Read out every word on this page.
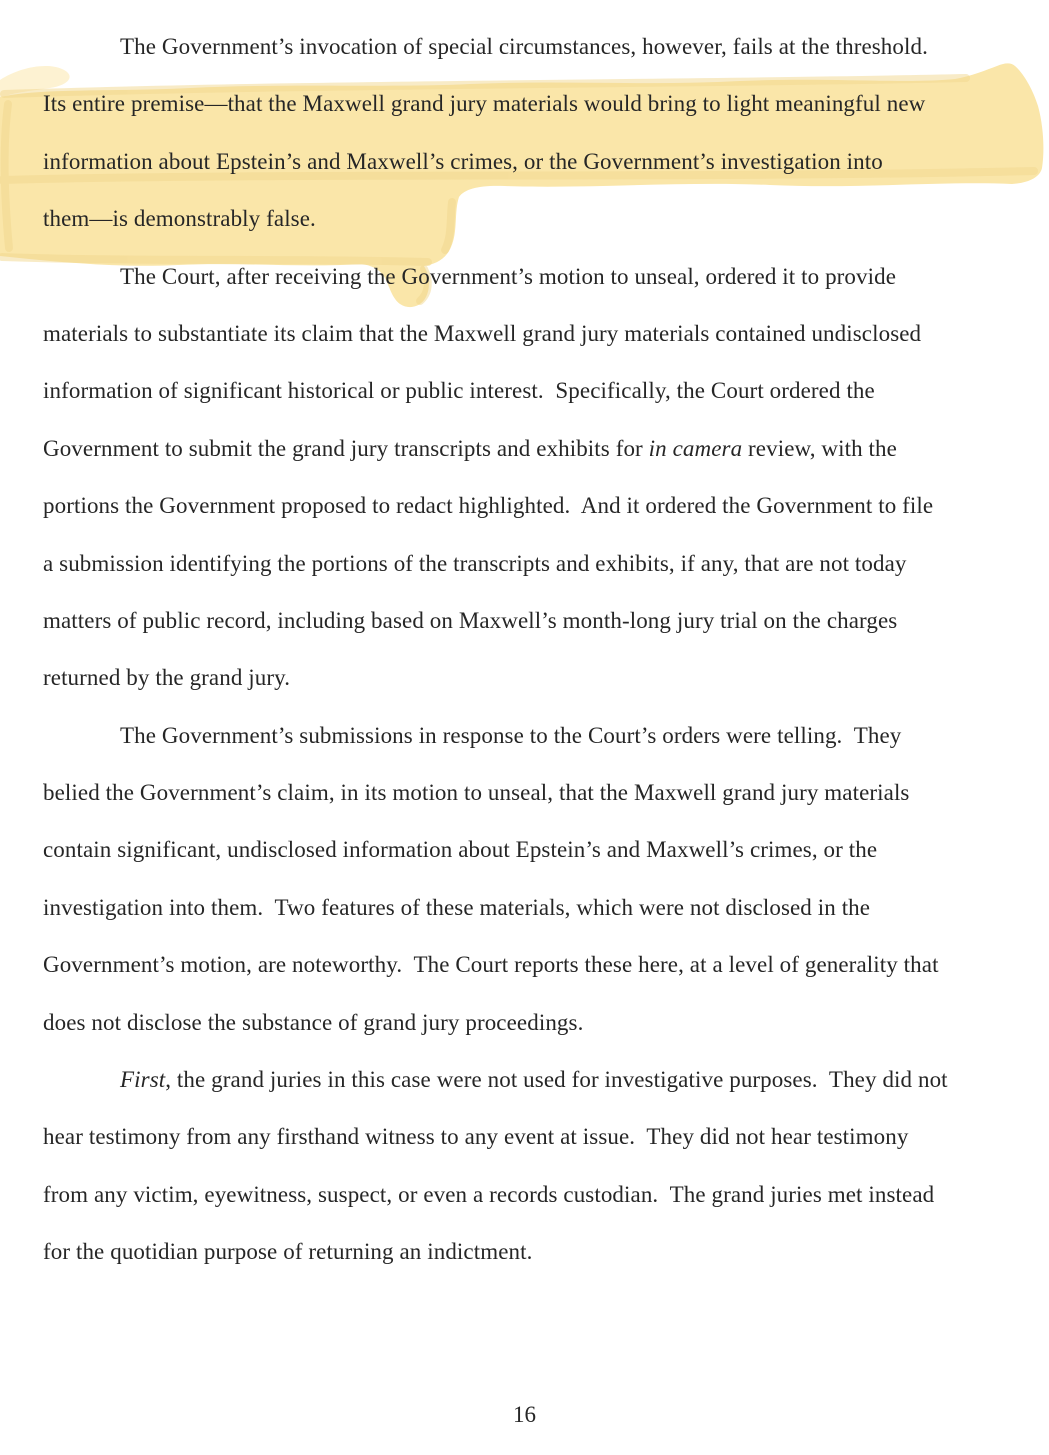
The Government’s invocation of special circumstances, however, fails at the threshold.
Its entire premise—that the Maxwell grand jury materials would bring to light meaningful new
information about Epstein’s and Maxwell’s crimes, or the Government’s investigation into
them—is demonstrably false.
The Court, after receiving the Government’s motion to unseal, ordered it to provide
materials to substantiate its claim that the Maxwell grand jury materials contained undisclosed
information of significant historical or public interest.  Specifically, the Court ordered the
Government to submit the grand jury transcripts and exhibits for in camera review, with the
portions the Government proposed to redact highlighted.  And it ordered the Government to file
a submission identifying the portions of the transcripts and exhibits, if any, that are not today
matters of public record, including based on Maxwell’s month-long jury trial on the charges
returned by the grand jury.
The Government’s submissions in response to the Court’s orders were telling.  They
belied the Government’s claim, in its motion to unseal, that the Maxwell grand jury materials
contain significant, undisclosed information about Epstein’s and Maxwell’s crimes, or the
investigation into them.  Two features of these materials, which were not disclosed in the
Government’s motion, are noteworthy.  The Court reports these here, at a level of generality that
does not disclose the substance of grand jury proceedings.
First, the grand juries in this case were not used for investigative purposes.  They did not
hear testimony from any firsthand witness to any event at issue.  They did not hear testimony
from any victim, eyewitness, suspect, or even a records custodian.  The grand juries met instead
for the quotidian purpose of returning an indictment.
16
